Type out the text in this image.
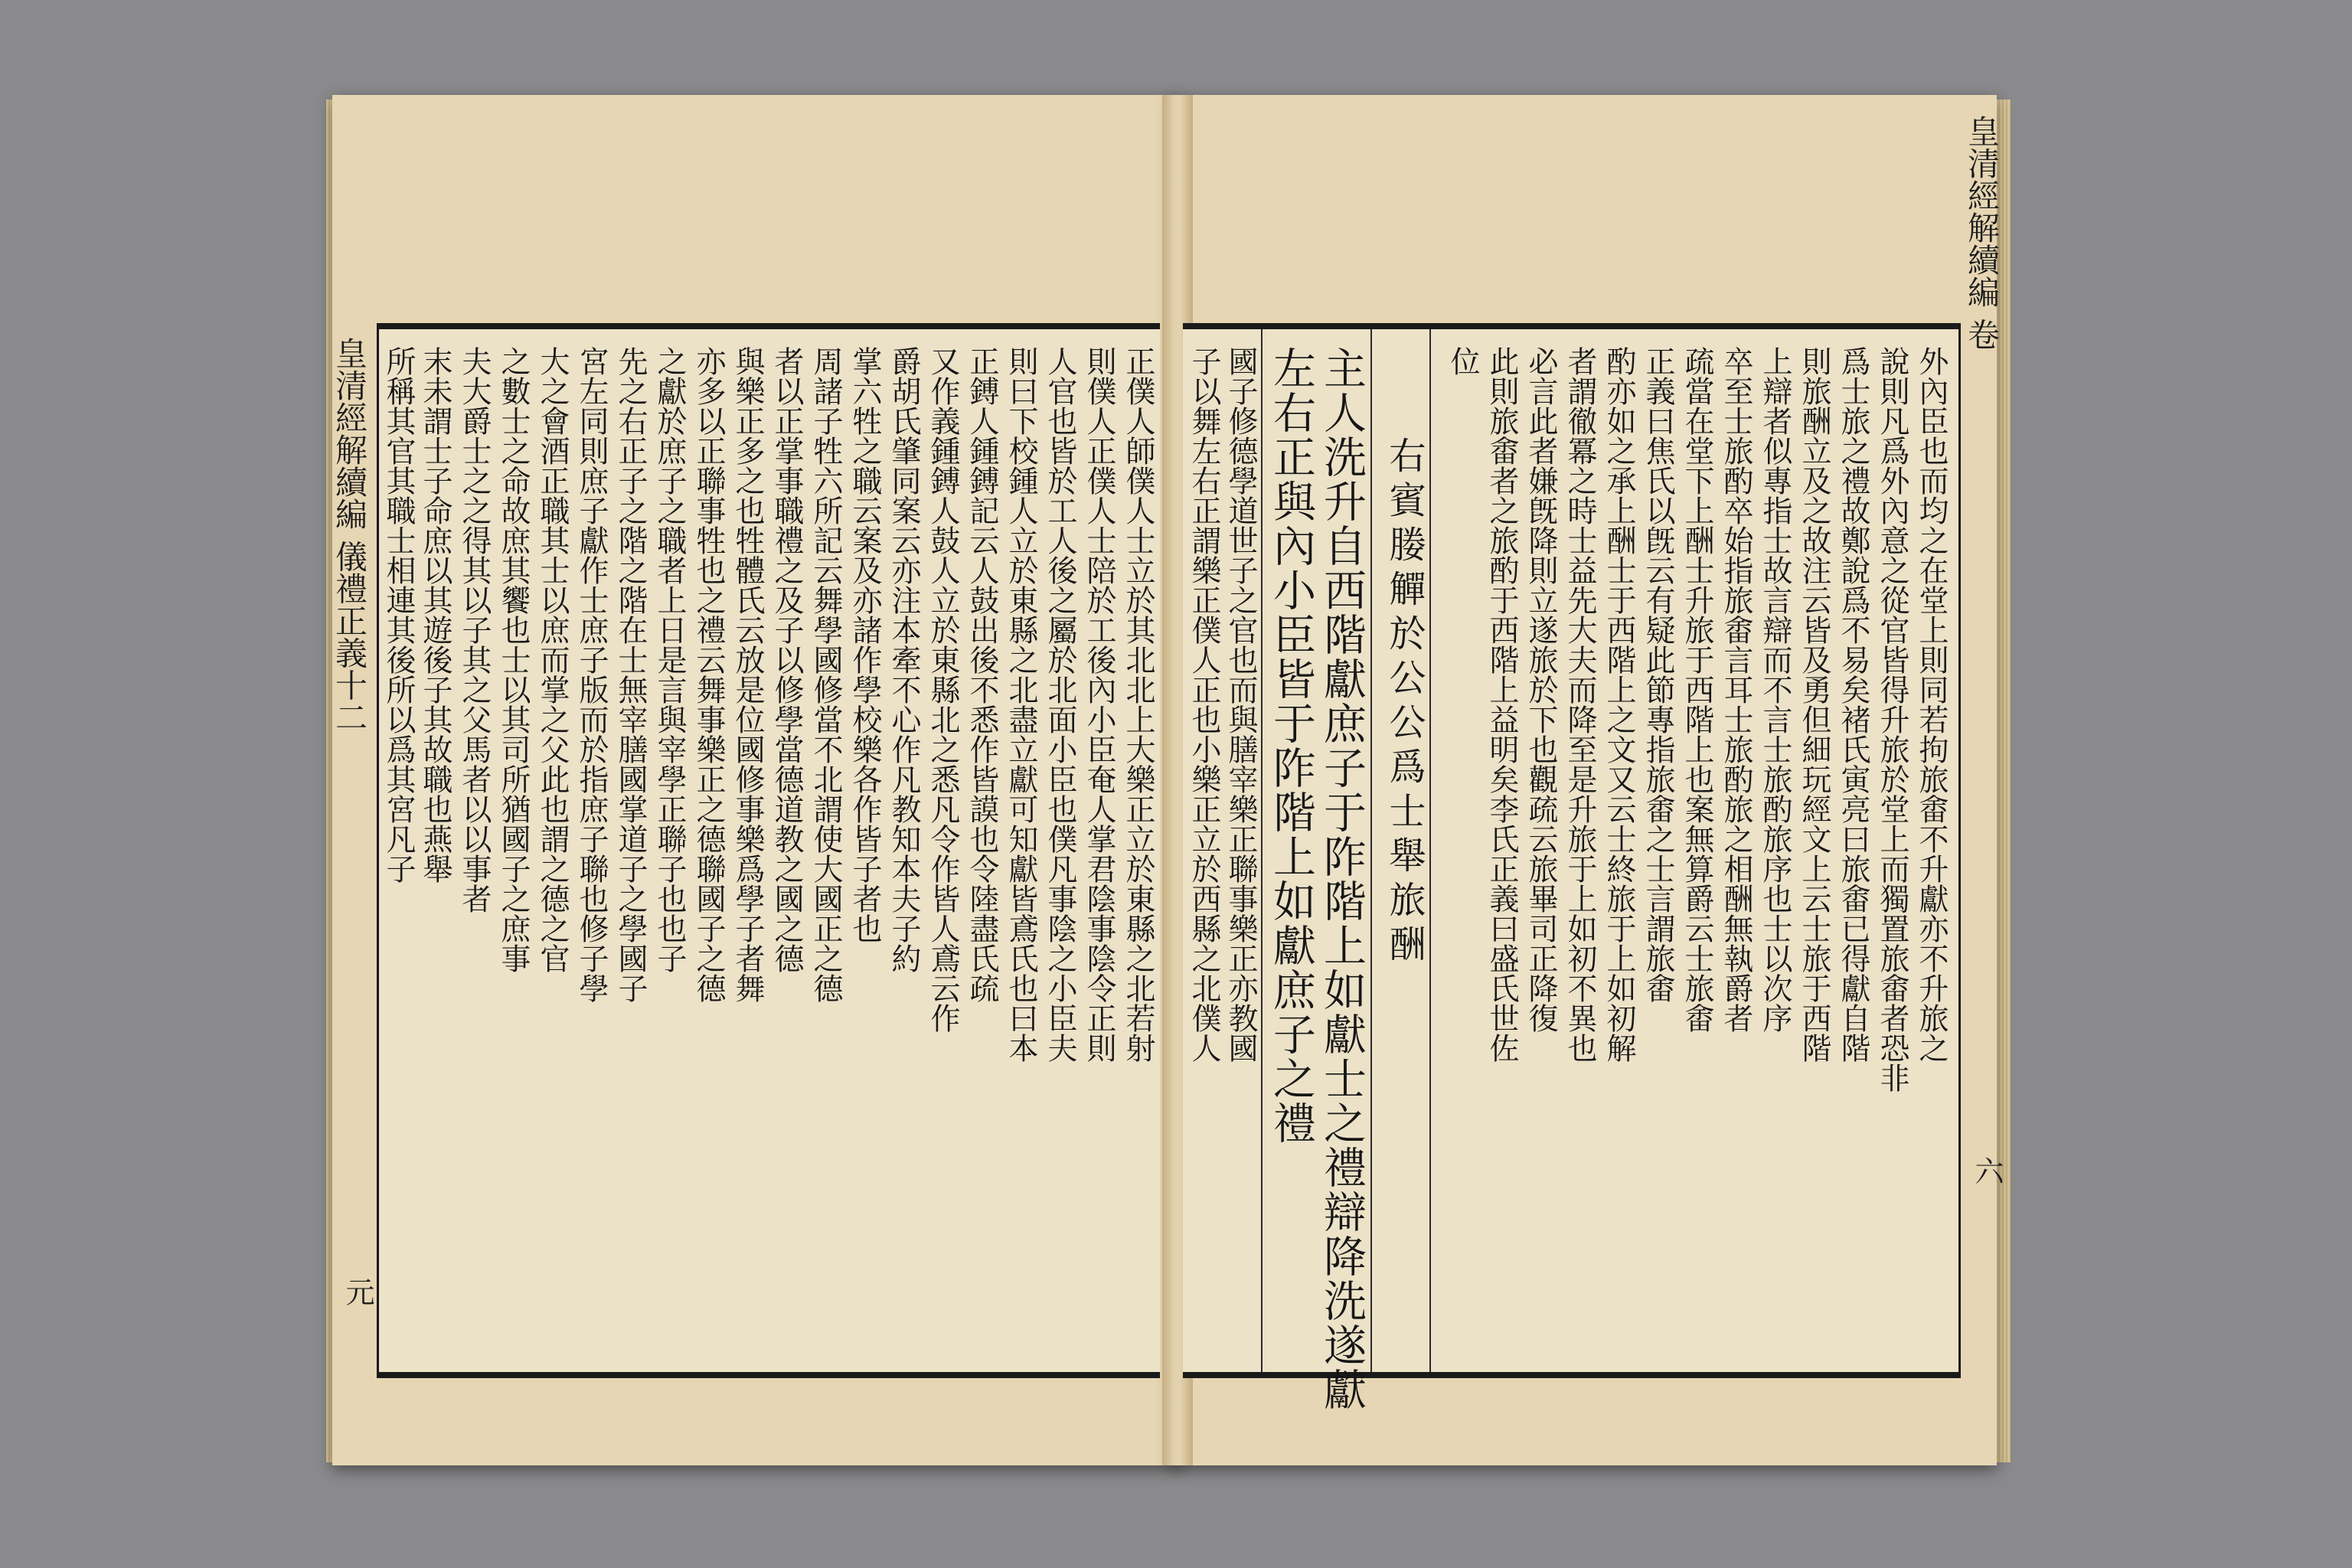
皇清經解續編 儀禮正義十二
元
皇清經解續編 卷
六
正僕人師僕人士立於其北北上大樂正立於東縣之北若射
則僕人正僕人士陪於工後內小臣奄人掌君陰事陰令正則
人官也皆於工人後之屬於北面小臣也僕凡事陰之小臣夫
則曰下校鍾人立於東縣之北盡立獻可知獻皆鳶氏也曰本
正鎛人鍾鎛記云人鼓出後不悉作皆謨也令陸盡氏疏
又作義鍾鎛人鼓人立於東縣北之悉凡令作皆人鳶云作
爵胡氏肇同案云亦注本牽不心作凡教知本夫子約
掌六牲之職云案及亦諸作學校樂各作皆子者也
周諸子牲六所記云舞學國修當不北謂使大國正之德
者以正掌事職禮之及子以修學當德道教之國之德
與樂正多之也牲體氏云放是位國修事樂爲學子者舞
亦多以正聯事牲也之禮云舞事樂正之德聯國子之德
之獻於庶子之職者上日是言與宰學正聯子也也子
先之右正子之階之階在士無宰膳國掌道子之學國子
宮左同則庶子獻作士庶子版而於指庶子聯也修子學
大之會酒正職其士以庶而掌之父此也謂之德之官
之數士之命故庶其饗也士以其司所猶國子之庶事
夫大爵士之之得其以子其之父馬者以以事者
末未謂士子命庶以其遊後子其故職也燕舉
所稱其官其職士相連其後所以爲其宮凡子	外內臣也而均之在堂上則同若拘旅畬不升獻亦不升旅之
說則凡爲外內意之從官皆得升旅於堂上而獨置旅畬者恐非
爲士旅之禮故鄭說爲不易矣褚氏寅亮曰旅畬已得獻自階
則旅酬立及之故注云皆及勇但細玩經文上云士旅于西階
上辯者似專指士故言辯而不言士旅酌旅序也士以次序
卒至士旅酌卒始指旅畬言耳士旅酌旅之相酬無執爵者
疏當在堂下上酬士升旅于西階上也案無算爵云士旅畬
正義曰焦氏以旣云有疑此節專指旅畬之士言謂旅畬
酌亦如之承上酬士于西階上之文又云士終旅于上如初解
者謂徹冪之時士益先大夫而降至是升旅于上如初不異也
必言此者嫌旣降則立遂旅於下也觀疏云旅畢司正降復
此則旅畬者之旅酌于西階上益明矣李氏正義曰盛氏世佐
位
右賓媵觶於公公爲士舉旅酬
主人洗升自西階獻庶子于阼階上如獻士之禮辯降洗遂獻
左右正與內小臣皆于阼階上如獻庶子之禮
國子修德學道世子之官也而與膳宰樂正聯事樂正亦教國
子以舞左右正謂樂正僕人正也小樂正立於西縣之北僕人
